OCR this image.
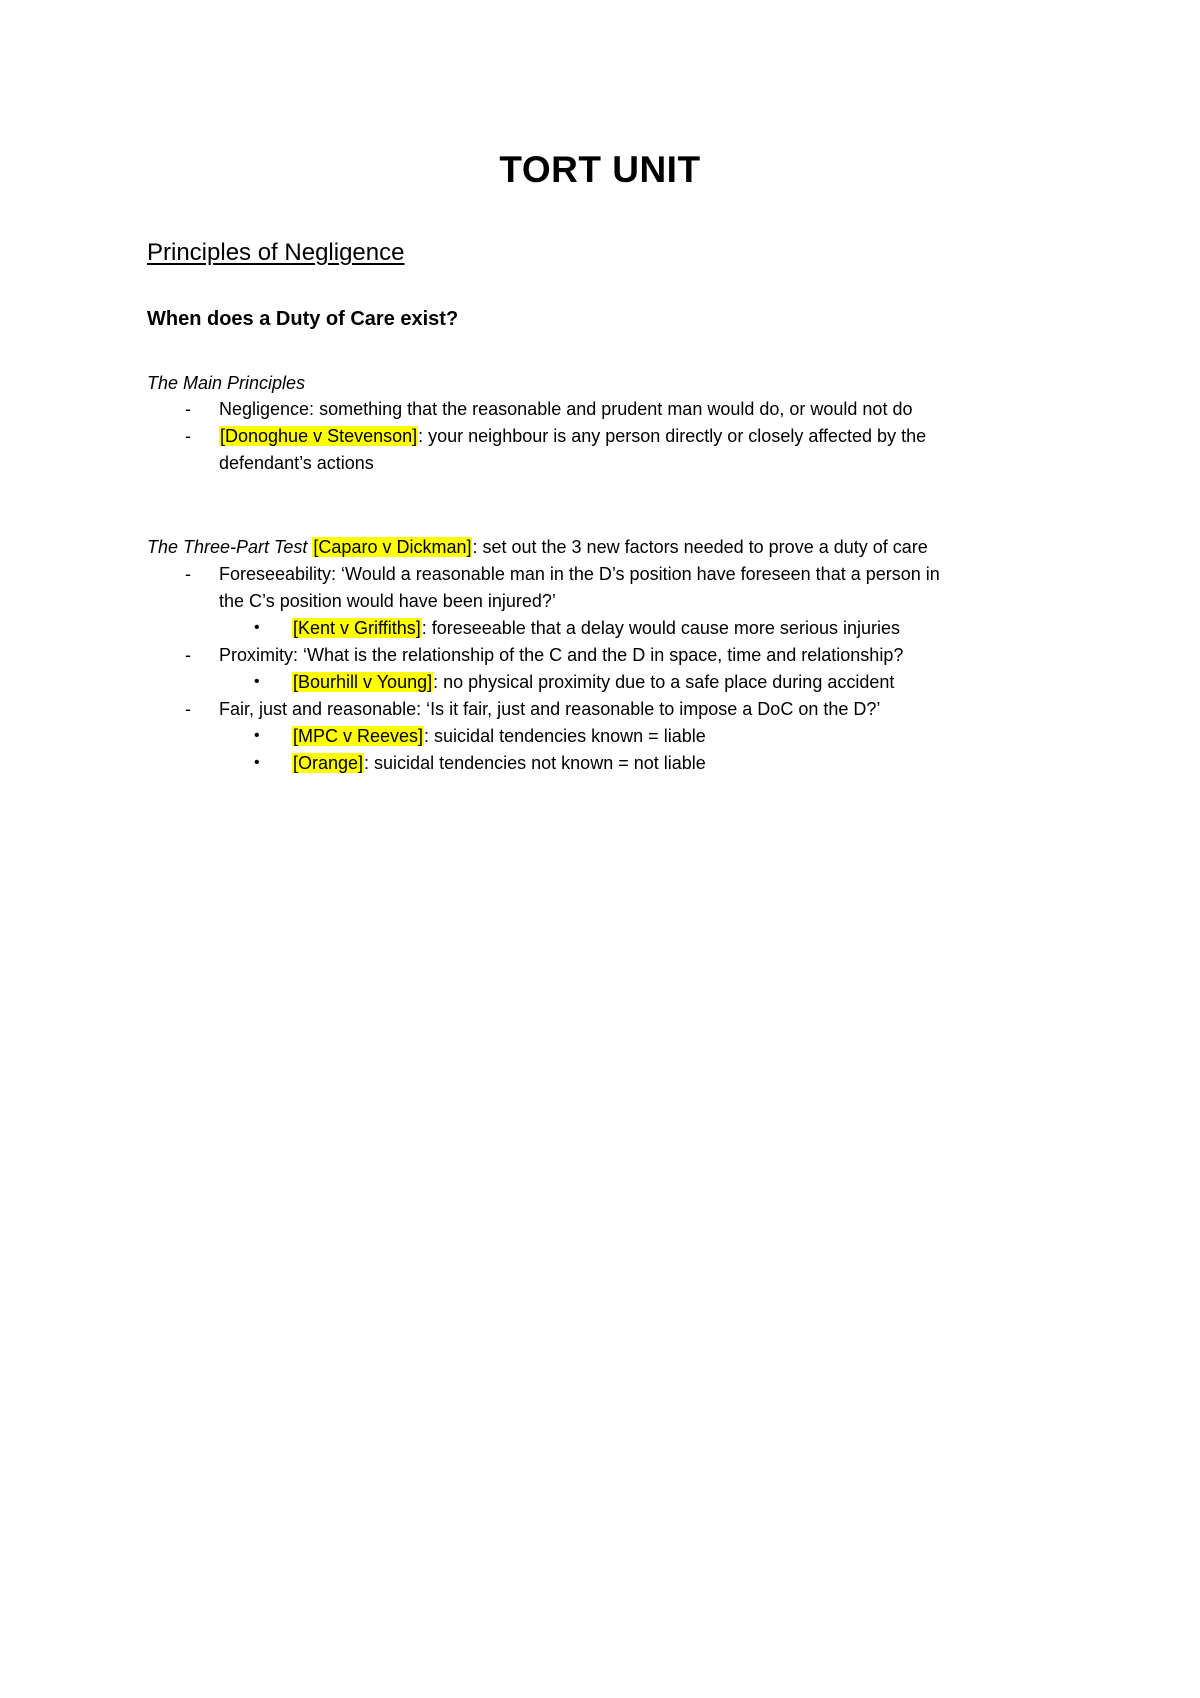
TORT UNIT
Principles of Negligence
When does a Duty of Care exist?
The Main Principles
- Negligence: something that the reasonable and prudent man would do, or would not do
- [Donoghue v Stevenson]: your neighbour is any person directly or closely affected by the
defendant’s actions
The Three-Part Test [Caparo v Dickman]: set out the 3 new factors needed to prove a duty of care
- Foreseeability: ‘Would a reasonable man in the D’s position have foreseen that a person in
the C’s position would have been injured?’
• [Kent v Griffiths]: foreseeable that a delay would cause more serious injuries
- Proximity: ‘What is the relationship of the C and the D in space, time and relationship?
• [Bourhill v Young]: no physical proximity due to a safe place during accident
- Fair, just and reasonable: ‘Is it fair, just and reasonable to impose a DoC on the D?’
• [MPC v Reeves]: suicidal tendencies known = liable
• [Orange]: suicidal tendencies not known = not liable
